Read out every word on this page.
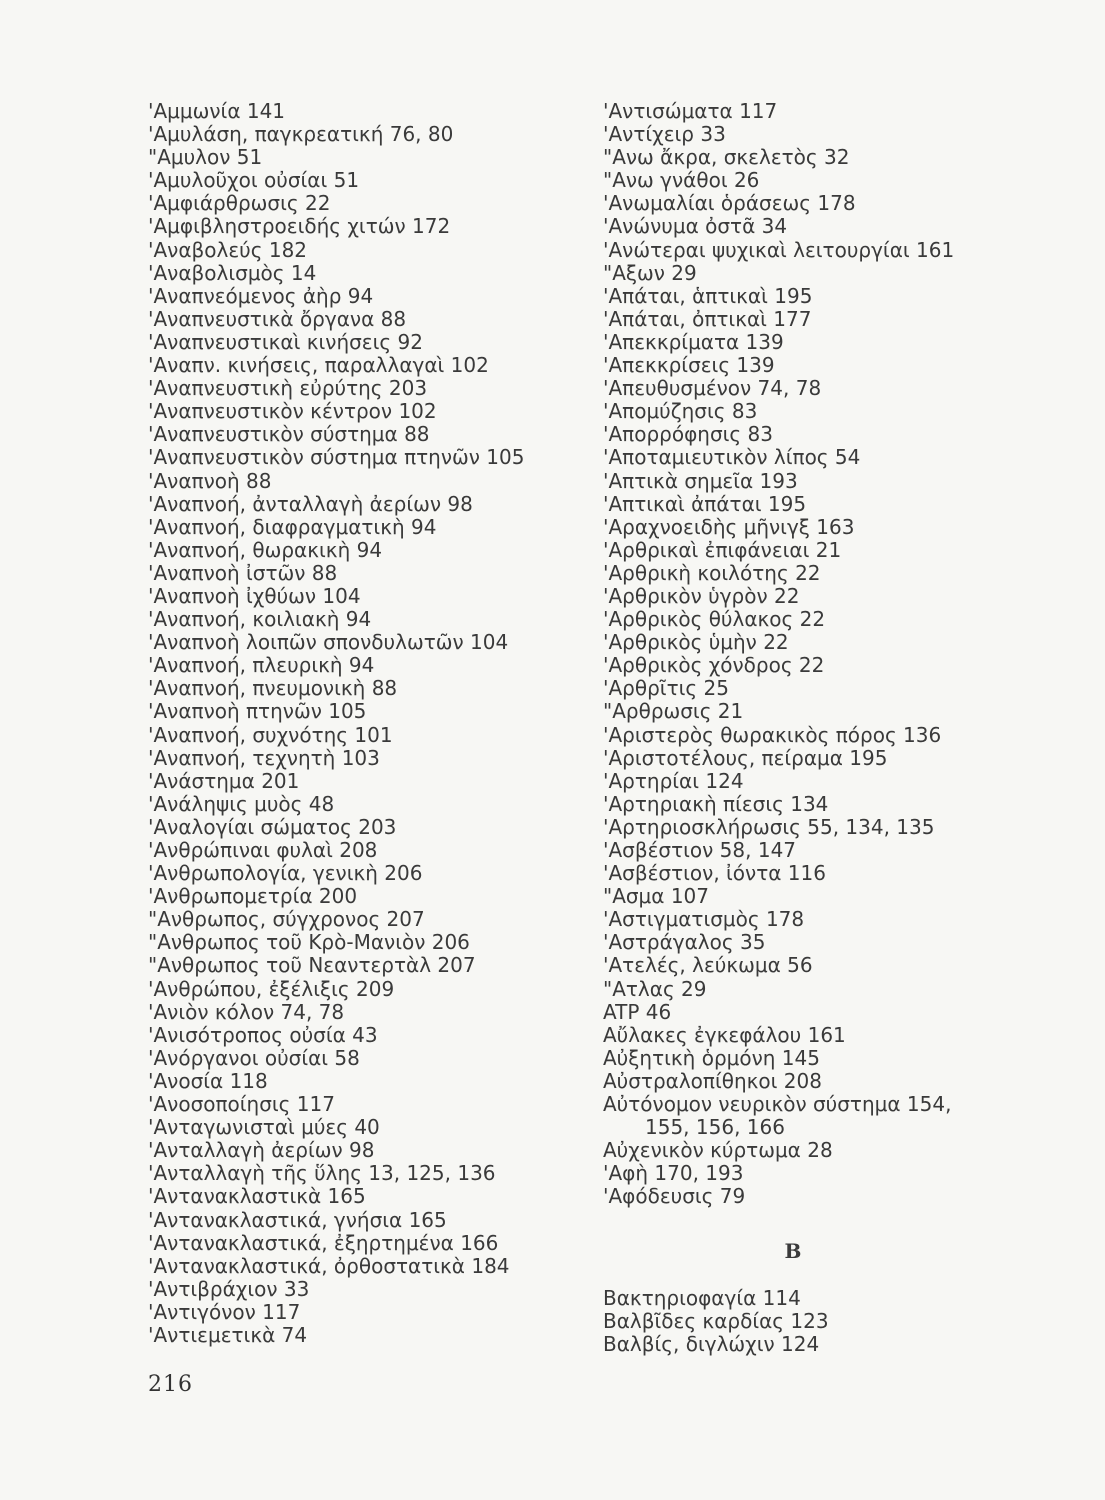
'Αμμωνία 141
'Αμυλάση, παγκρεατική 76, 80
"Αμυλον 51
'Αμυλοῦχοι οὐσίαι 51
'Αμφιάρθρωσις 22
'Αμφιβληστροειδής χιτών 172
'Αναβολεύς 182
'Αναβολισμὸς 14
'Αναπνεόμενος ἀὴρ 94
'Αναπνευστικὰ ὄργανα 88
'Αναπνευστικαὶ κινήσεις 92
'Αναπν. κινήσεις, παραλλαγαὶ 102
'Αναπνευστικὴ εὐρύτης 203
'Αναπνευστικὸν κέντρον 102
'Αναπνευστικὸν σύστημα 88
'Αναπνευστικὸν σύστημα πτηνῶν 105
'Αναπνοὴ 88
'Αναπνοή, ἀνταλλαγὴ ἀερίων 98
'Αναπνοή, διαφραγματικὴ 94
'Αναπνοή, θωρακικὴ 94
'Αναπνοὴ ἰστῶν 88
'Αναπνοὴ ἰχθύων 104
'Αναπνοή, κοιλιακὴ 94
'Αναπνοὴ λοιπῶν σπονδυλωτῶν 104
'Αναπνοή, πλευρικὴ 94
'Αναπνοή, πνευμονικὴ 88
'Αναπνοὴ πτηνῶν 105
'Αναπνοή, συχνότης 101
'Αναπνοή, τεχνητὴ 103
'Ανάστημα 201
'Ανάληψις μυὸς 48
'Αναλογίαι σώματος 203
'Ανθρώπιναι φυλαὶ 208
'Ανθρωπολογία, γενικὴ 206
'Ανθρωπομετρία 200
"Ανθρωπος, σύγχρονος 207
"Ανθρωπος τοῦ Κρὸ-Μανιὸν 206
"Ανθρωπος τοῦ Νεαντερτὰλ 207
'Ανθρώπου, ἐξέλιξις 209
'Ανιὸν κόλον 74, 78
'Ανισότροπος οὐσία 43
'Ανόργανοι οὐσίαι 58
'Ανοσία 118
'Ανοσοποίησις 117
'Ανταγωνισταὶ μύες 40
'Ανταλλαγὴ ἀερίων 98
'Ανταλλαγὴ τῆς ὕλης 13, 125, 136
'Αντανακλαστικὰ 165
'Αντανακλαστικά, γνήσια 165
'Αντανακλαστικά, ἐξηρτημένα 166
'Αντανακλαστικά, ὀρθοστατικὰ 184
'Αντιβράχιον 33
'Αντιγόνον 117
'Αντιεμετικὰ 74
'Αντισώματα 117
'Αντίχειρ 33
"Ανω ἄκρα, σκελετὸς 32
"Ανω γνάθοι 26
'Ανωμαλίαι ὁράσεως 178
'Ανώνυμα ὀστᾶ 34
'Ανώτεραι ψυχικαὶ λειτουργίαι 161
"Αξων 29
'Απάται, ἁπτικαὶ 195
'Απάται, ὀπτικαὶ 177
'Απεκκρίματα 139
'Απεκκρίσεις 139
'Απευθυσμένον 74, 78
'Απομύζησις 83
'Απορρόφησις 83
'Αποταμιευτικὸν λίπος 54
'Απτικὰ σημεῖα 193
'Απτικαὶ ἀπάται 195
'Αραχνοειδὴς μῆνιγξ 163
'Αρθρικαὶ ἐπιφάνειαι 21
'Αρθρικὴ κοιλότης 22
'Αρθρικὸν ὑγρὸν 22
'Αρθρικὸς θύλακος 22
'Αρθρικὸς ὑμὴν 22
'Αρθρικὸς χόνδρος 22
'Αρθρῖτις 25
"Αρθρωσις 21
'Αριστερὸς θωρακικὸς πόρος 136
'Αριστοτέλους, πείραμα 195
'Αρτηρίαι 124
'Αρτηριακὴ πίεσις 134
'Αρτηριοσκλήρωσις 55, 134, 135
'Ασβέστιον 58, 147
'Ασβέστιον, ἰόντα 116
"Ασμα 107
'Αστιγματισμὸς 178
'Αστράγαλος 35
'Ατελές, λεύκωμα 56
"Ατλας 29
ATP 46
Αὔλακες ἐγκεφάλου 161
Αὐξητικὴ ὁρμόνη 145
Αὐστραλοπίθηκοι 208
Αὐτόνομον νευρικὸν σύστημα 154,
155, 156, 166
Αὐχενικὸν κύρτωμα 28
'Αφὴ 170, 193
'Αφόδευσις 79
B
Βακτηριοφαγία 114
Βαλβῖδες καρδίας 123
Βαλβίς, διγλώχιν 124
216
